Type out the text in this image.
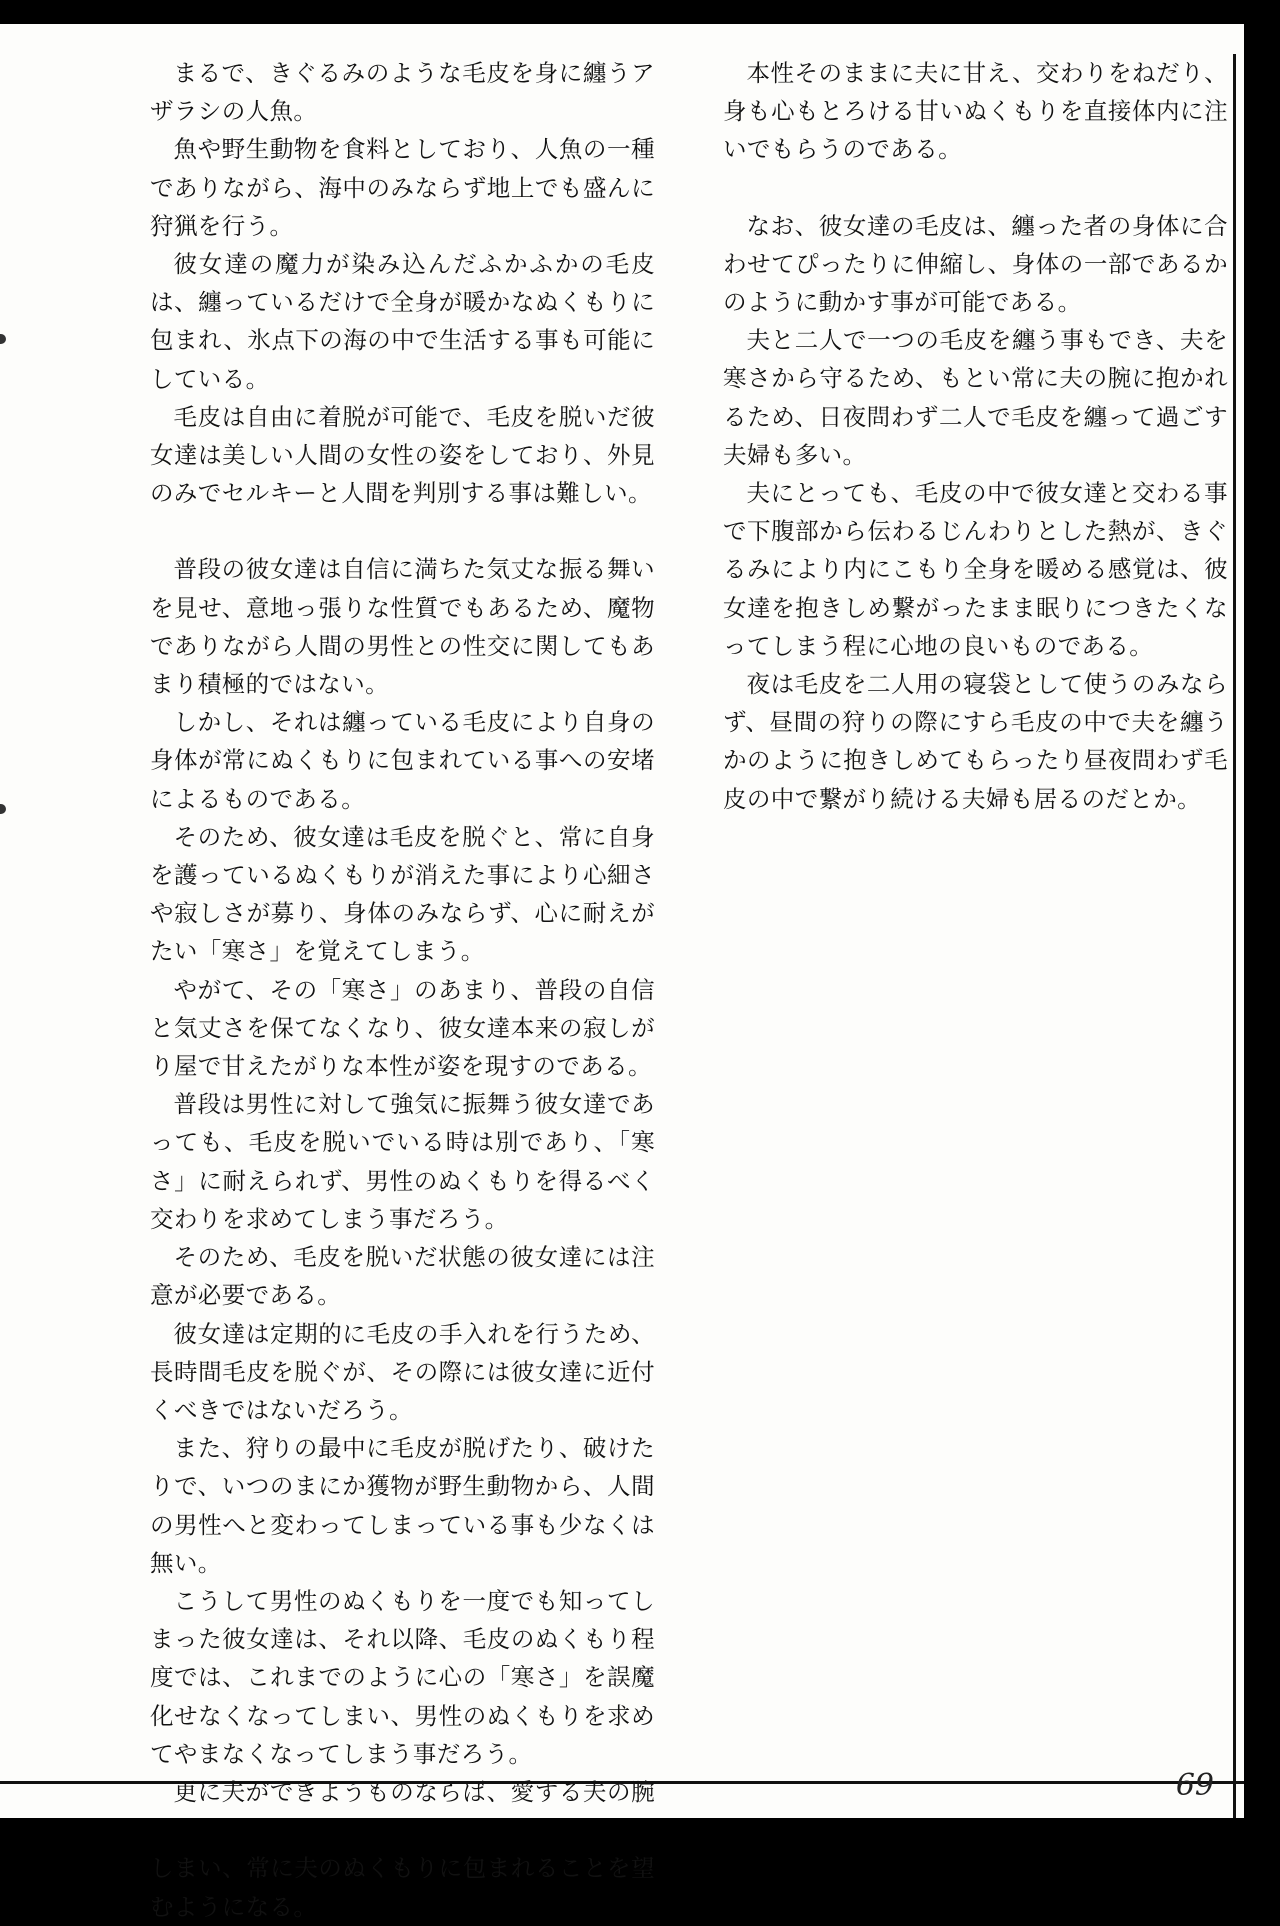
まるで、きぐるみのような毛皮を身に纏うアザラシの人魚。

魚や野生動物を食料としており、人魚の一種でありながら、海中のみならず地上でも盛んに狩猟を行う。

彼女達の魔力が染み込んだふかふかの毛皮は、纏っているだけで全身が暖かなぬくもりに包まれ、氷点下の海の中で生活する事も可能にしている。

毛皮は自由に着脱が可能で、毛皮を脱いだ彼女達は美しい人間の女性の姿をしており、外見のみでセルキーと人間を判別する事は難しい。

普段の彼女達は自信に満ちた気丈な振る舞いを見せ、意地っ張りな性質でもあるため、魔物でありながら人間の男性との性交に関してもあまり積極的ではない。

しかし、それは纏っている毛皮により自身の身体が常にぬくもりに包まれている事への安堵によるものである。

そのため、彼女達は毛皮を脱ぐと、常に自身を護っているぬくもりが消えた事により心細さや寂しさが募り、身体のみならず、心に耐えがたい「寒さ」を覚えてしまう。

やがて、その「寒さ」のあまり、普段の自信と気丈さを保てなくなり、彼女達本来の寂しがり屋で甘えたがりな本性が姿を現すのである。

普段は男性に対して強気に振舞う彼女達であっても、毛皮を脱いでいる時は別であり、「寒さ」に耐えられず、男性のぬくもりを得るべく交わりを求めてしまう事だろう。

そのため、毛皮を脱いだ状態の彼女達には注意が必要である。

彼女達は定期的に毛皮の手入れを行うため、長時間毛皮を脱ぐが、その際には彼女達に近付くべきではないだろう。

また、狩りの最中に毛皮が脱げたり、破けたりで、いつのまにか獲物が野生動物から、人間の男性へと変わってしまっている事も少なくは無い。

こうして男性のぬくもりを一度でも知ってしまった彼女達は、それ以降、毛皮のぬくもり程度では、これまでのように心の「寒さ」を誤魔化せなくなってしまい、男性のぬくもりを求めてやまなくなってしまう事だろう。

更に夫ができようものならば、愛する夫の腕 しまい、常に夫のぬくもりに包まれることを望むようになる。

本性そのままに夫に甘え、交わりをねだり、身も心もとろける甘いぬくもりを直接体内に注いでもらうのである。

なお、彼女達の毛皮は、纏った者の身体に合わせてぴったりに伸縮し、身体の一部であるかのように動かす事が可能である。

夫と二人で一つの毛皮を纏う事もでき、夫を寒さから守るため、もとい常に夫の腕に抱かれるため、日夜問わず二人で毛皮を纏って過ごす夫婦も多い。

夫にとっても、毛皮の中で彼女達と交わる事で下腹部から伝わるじんわりとした熱が、きぐるみにより内にこもり全身を暖める感覚は、彼女達を抱きしめ繋がったまま眠りにつきたくなってしまう程に心地の良いものである。

夜は毛皮を二人用の寝袋として使うのみならず、昼間の狩りの際にすら毛皮の中で夫を纏うかのように抱きしめてもらったり昼夜問わず毛皮の中で繋がり続ける夫婦も居るのだとか。

69
